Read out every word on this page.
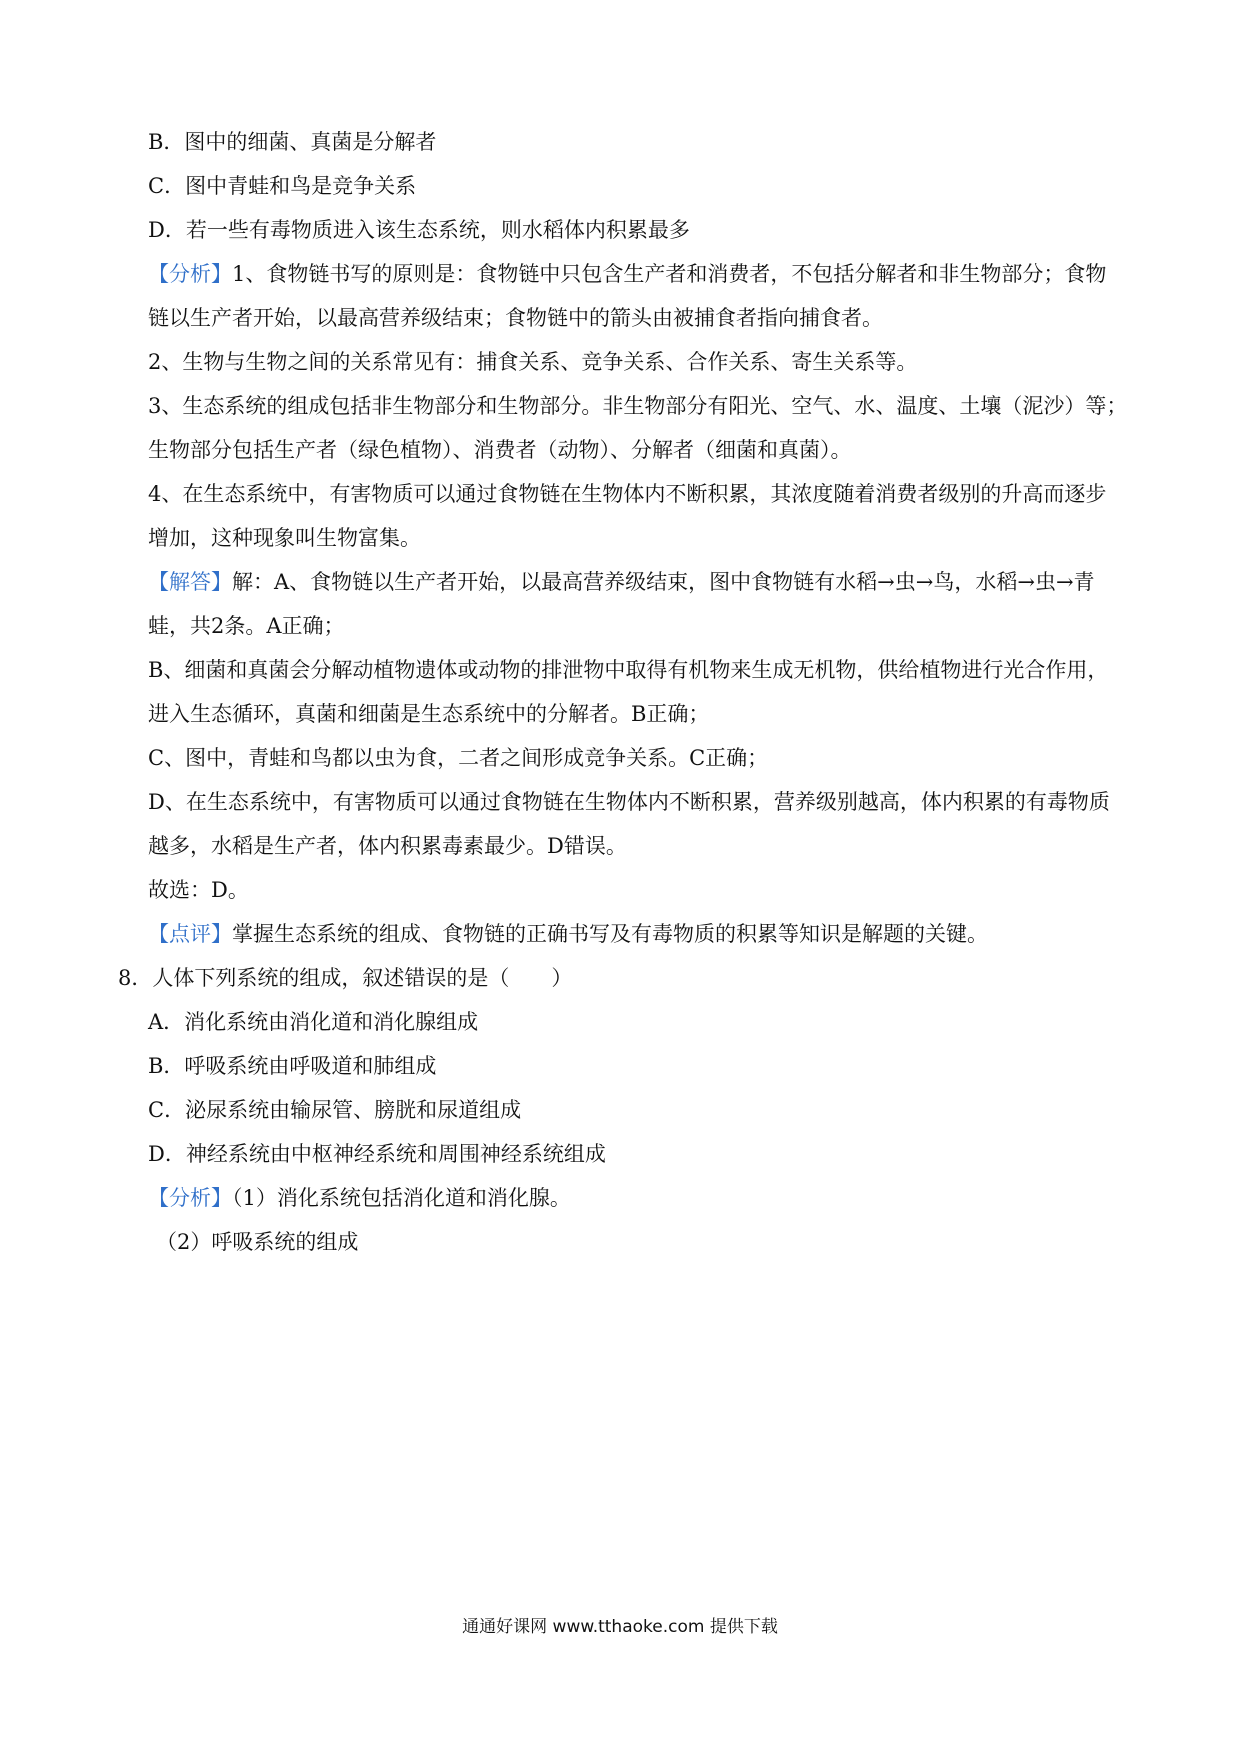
B．图中的细菌、真菌是分解者
C．图中青蛙和鸟是竞争关系
D．若一些有毒物质进入该生态系统，则水稻体内积累最多
【分析】1、食物链书写的原则是：食物链中只包含生产者和消费者，不包括分解者和非生物部分；食物
链以生产者开始，以最高营养级结束；食物链中的箭头由被捕食者指向捕食者。
2、生物与生物之间的关系常见有：捕食关系、竞争关系、合作关系、寄生关系等。
3、生态系统的组成包括非生物部分和生物部分。非生物部分有阳光、空气、水、温度、土壤（泥沙）等；
生物部分包括生产者（绿色植物）、消费者（动物）、分解者（细菌和真菌）。
4、在生态系统中，有害物质可以通过食物链在生物体内不断积累，其浓度随着消费者级别的升高而逐步
增加，这种现象叫生物富集。
【解答】解：A、食物链以生产者开始，以最高营养级结束，图中食物链有水稻→虫→鸟，水稻→虫→青
蛙，共2条。A正确；
B、细菌和真菌会分解动植物遗体或动物的排泄物中取得有机物来生成无机物，供给植物进行光合作用，
进入生态循环，真菌和细菌是生态系统中的分解者。B正确；
C、图中，青蛙和鸟都以虫为食，二者之间形成竞争关系。C正确；
D、在生态系统中，有害物质可以通过食物链在生物体内不断积累，营养级别越高，体内积累的有毒物质
越多，水稻是生产者，体内积累毒素最少。D错误。
故选：D。
【点评】掌握生态系统的组成、食物链的正确书写及有毒物质的积累等知识是解题的关键。
8．人体下列系统的组成，叙述错误的是（　　）
A．消化系统由消化道和消化腺组成
B．呼吸系统由呼吸道和肺组成
C．泌尿系统由输尿管、膀胱和尿道组成
D．神经系统由中枢神经系统和周围神经系统组成
【分析】（1）消化系统包括消化道和消化腺。
（2）呼吸系统的组成
通通好课网 www.tthaoke.com 提供下载
